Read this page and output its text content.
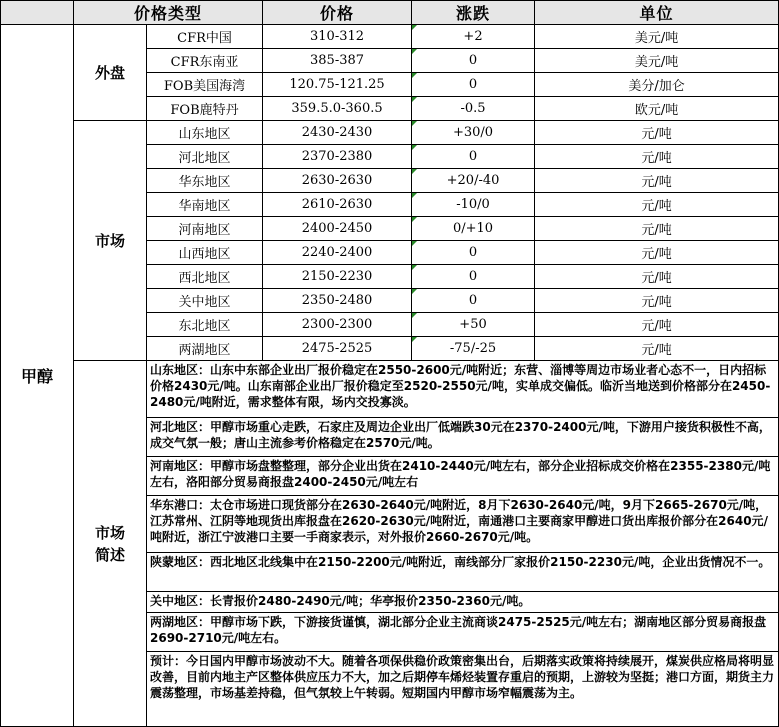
	价格类型		价格	涨跌	单位
甲醇	外盘	CFR中国	310-312	+2	美元/吨
		CFR东南亚	385-387	0	美元/吨
		FOB美国海湾	120.75-121.25	0	美分/加仑
		FOB鹿特丹	359.5.0-360.5	-0.5	欧元/吨
	市场	山东地区	2430-2430	+30/0	元/吨
		河北地区	2370-2380	0	元/吨
		华东地区	2630-2630	+20/-40	元/吨
		华南地区	2610-2630	-10/0	元/吨
		河南地区	2400-2450	0/+10	元/吨
		山西地区	2240-2400	0	元/吨
		西北地区	2150-2230	0	元/吨
		关中地区	2350-2480	0	元/吨
		东北地区	2300-2300	+50	元/吨
		两湖地区	2475-2525	-75/-25	元/吨

	市场
简述	山东地区：山东中东部企业出厂报价稳定在2550-2600元/吨附近；东营、淄博等周边市场业者心态不一，日内招标价格2430元/吨。山东南部企业出厂报价稳定至2520-2550元/吨，实单成交偏低。临沂当地送到价格部分在2450-2480元/吨附近，需求整体有限，场内交投寡淡。			
		河北地区：甲醇市场重心走跌，石家庄及周边企业出厂低端跌30元在2370-2400元/吨，下游用户接货积极性不高，成交气氛一般；唐山主流参考价格稳定在2570元/吨。			
		河南地区：甲醇市场盘整整理，部分企业出货在2410-2440元/吨左右，部分企业招标成交价格在2355-2380元/吨左右，洛阳部分贸易商报盘2400-2450元/吨左右			
		华东港口：太仓市场进口现货部分在2630-2640元/吨附近，8月下2630-2640元/吨，9月下2665-2670元/吨，江苏常州、江阴等地现货出库报盘在2620-2630元/吨附近，南通港口主要商家甲醇进口货出库报价部分在2640元/吨附近，浙江宁波港口主要一手商家表示，对外报价2660-2670元/吨。			
		陕蒙地区：西北地区北线集中在2150-2200元/吨附近，南线部分厂家报价2150-2230元/吨，企业出货情况不一。			
		关中地区：长青报价2480-2490元/吨；华亭报价2350-2360元/吨。			
		两湖地区：甲醇市场下跌，下游接货谨慎，湖北部分企业主流商谈2475-2525元/吨左右；湖南地区部分贸易商报盘2690-2710元/吨左右。			
		预计：今日国内甲醇市场波动不大。随着各项保供稳价政策密集出台，后期落实政策将持续展开，煤炭供应格局将明显改善，目前内地主产区整体供应压力不大，加之后期停车烯烃装置存重启的预期，上游较为坚挺；港口方面，期货主力震荡整理，市场基差持稳，但气氛较上午转弱。短期国内甲醇市场窄幅震荡为主。			
